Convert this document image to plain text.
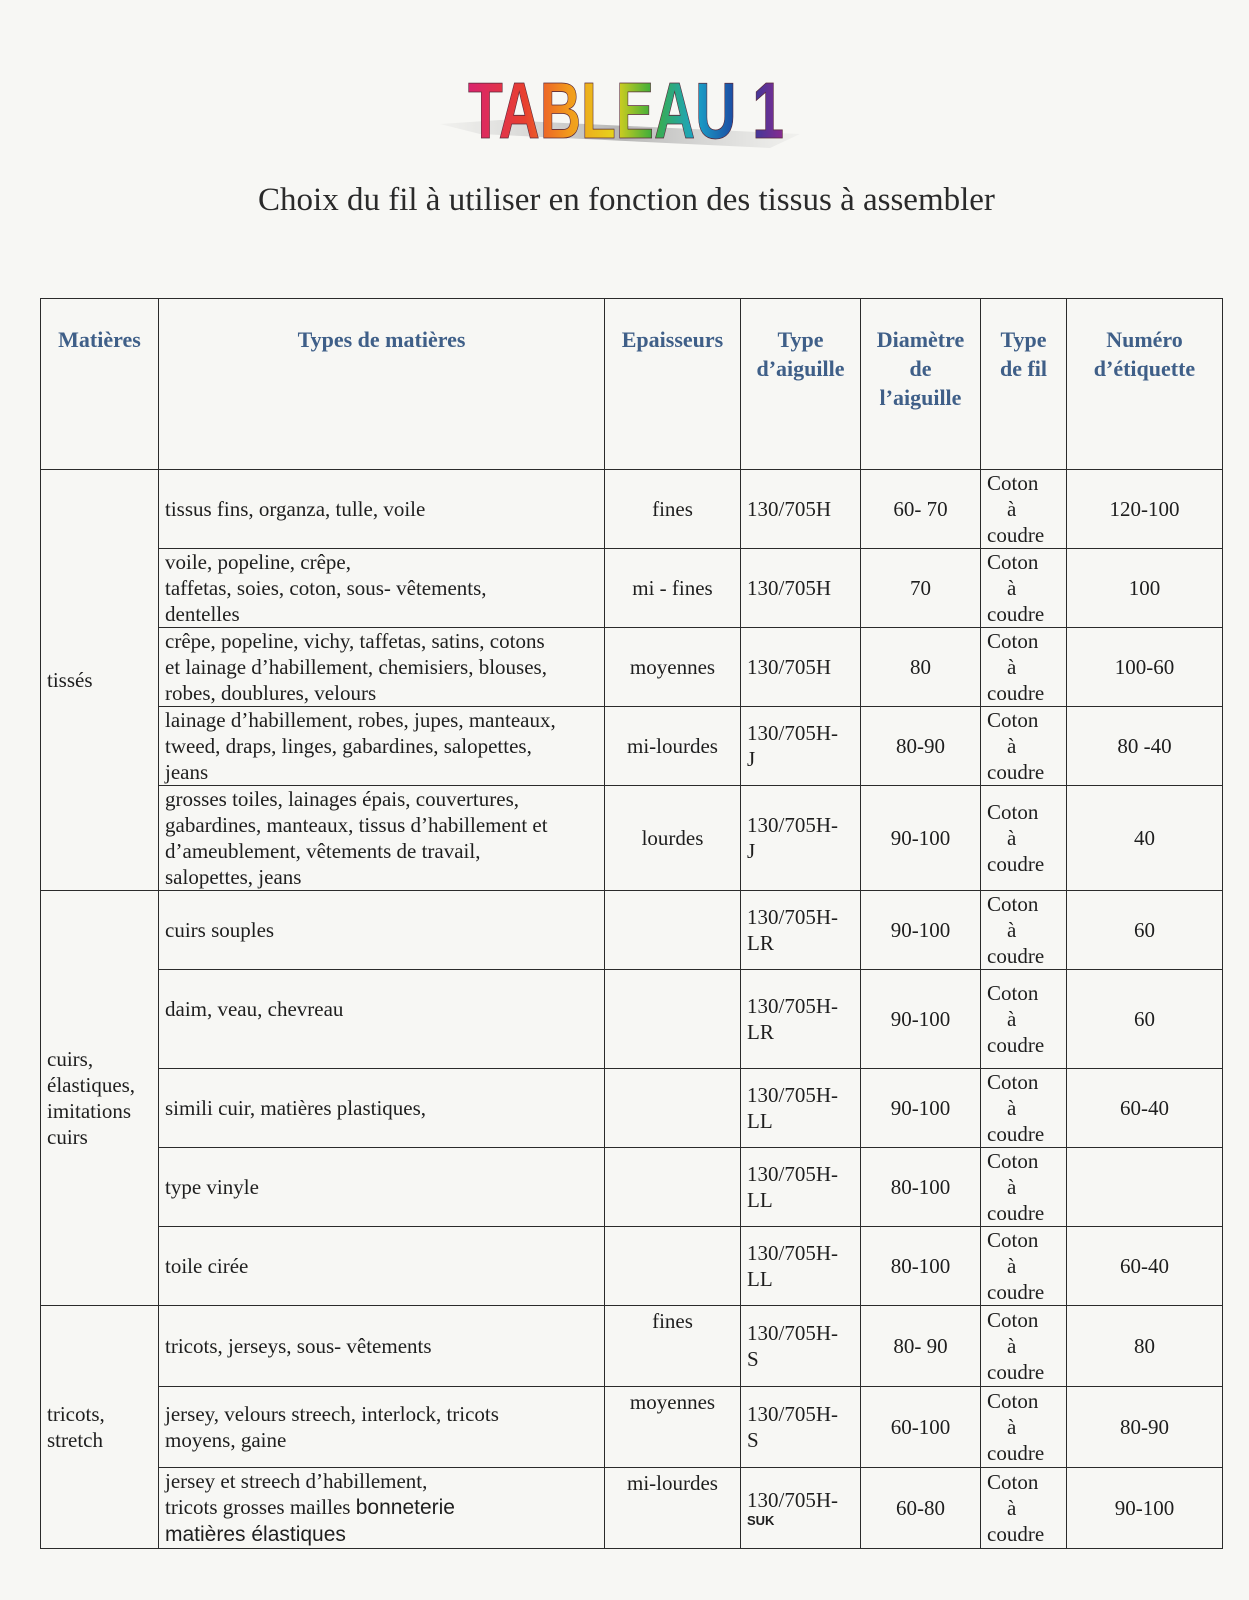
TABLEAU 1
Choix du fil à utiliser en fonction des tissus à assembler
Matières	Types de matières	Epaisseurs	Type
d’aiguille	Diamètre
de
l’aiguille	Type
de fil	Numéro
d’étiquette
tissés	tissus fins, organza, tulle, voile	fines	130/705H	60- 70	Coton
à
coudre	120-100
	voile, popeline, crêpe,
taffetas, soies, coton, sous- vêtements,
dentelles	mi - fines	130/705H	70	Coton
à
coudre	100
	crêpe, popeline, vichy, taffetas, satins, cotons
et lainage d’habillement, chemisiers, blouses,
robes, doublures, velours	moyennes	130/705H	80	Coton
à
coudre	100-60
	lainage d’habillement, robes, jupes, manteaux,
tweed, draps, linges, gabardines, salopettes,
jeans	mi-lourdes	130/705H-
J	80-90	Coton
à
coudre	80 -40
	grosses toiles, lainages épais, couvertures,
gabardines, manteaux, tissus d’habillement et
d’ameublement, vêtements de travail,
salopettes, jeans	lourdes	130/705H-
J	90-100	Coton
à
coudre	40
cuirs,
élastiques,
imitations
cuirs	cuirs souples		130/705H-
LR	90-100	Coton
à
coudre	60
	daim, veau, chevreau		130/705H-
LR	90-100	Coton
à
coudre	60
	simili cuir, matières plastiques,		130/705H-
LL	90-100	Coton
à
coudre	60-40
	type vinyle		130/705H-
LL	80-100	Coton
à
coudre	

	toile cirée		130/705H-
LL	80-100	Coton
à
coudre	60-40
tricots,
stretch	tricots, jerseys, sous- vêtements	fines	130/705H-
S	80- 90	Coton
à
coudre	80
	jersey, velours streech, interlock, tricots
moyens, gaine	moyennes	130/705H-
S	60-100	Coton
à
coudre	80-90
	jersey et streech d’habillement,
tricots grosses mailles bonneterie
matières élastiques	mi-lourdes	130/705H-
SUK	60-80	Coton
à
coudre	90-100
